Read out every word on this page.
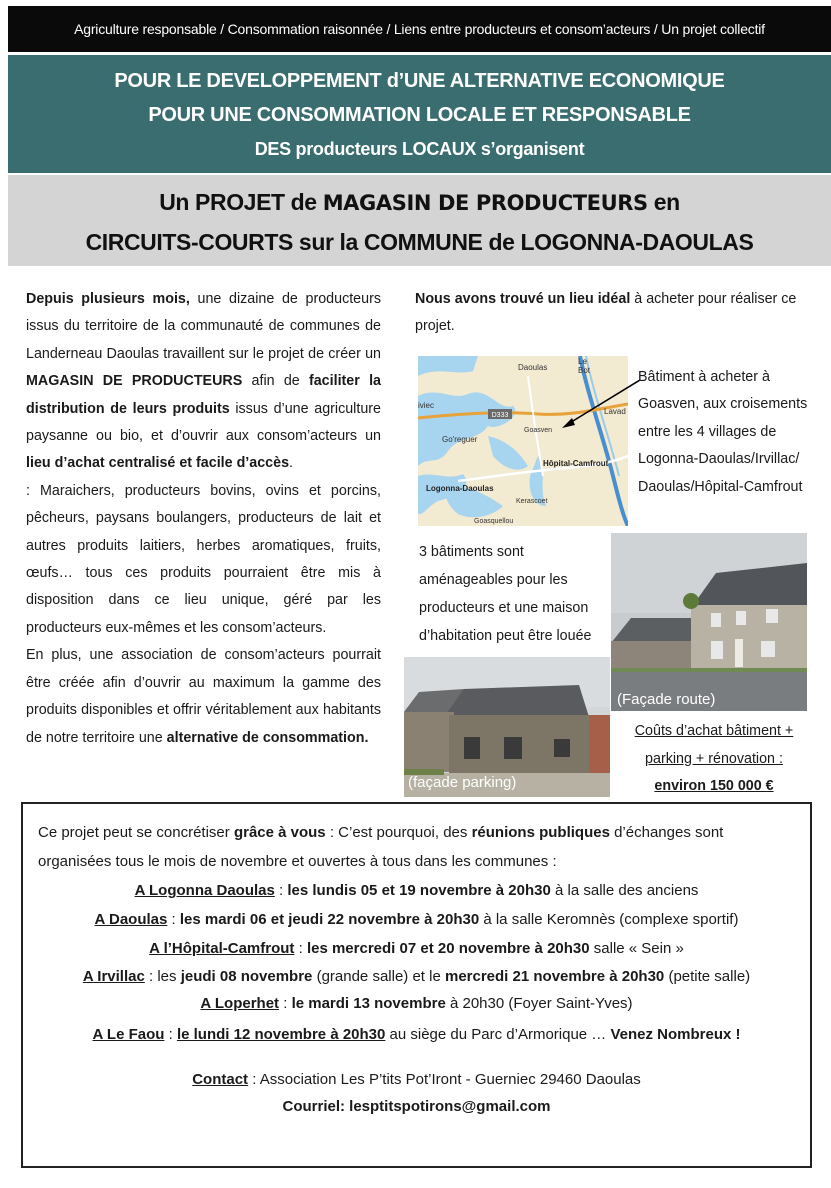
Agriculture responsable / Consommation raisonnée / Liens entre producteurs et consom’acteurs / Un projet collectif
POUR LE DEVELOPPEMENT d’UNE ALTERNATIVE ECONOMIQUE
POUR UNE CONSOMMATION LOCALE ET RESPONSABLE
DES producteurs LOCAUX s’organisent
Un PROJET de MAGASIN DE PRODUCTEURS en
CIRCUITS-COURTS sur la COMMUNE de LOGONNA-DAOULAS

Depuis plusieurs mois, une dizaine de producteurs issus du territoire de la communauté de communes de Landerneau Daoulas travaillent sur le projet de créer un MAGASIN DE PRODUCTEURS afin de faciliter la distribution de leurs produits issus d’une agriculture paysanne ou bio, et d’ouvrir aux consom’acteurs un lieu d’achat centralisé et facile d’accès.

: Maraichers, producteurs bovins, ovins et porcins, pêcheurs, paysans boulangers, producteurs de lait et autres produits laitiers, herbes aromatiques, fruits, œufs… tous ces produits pourraient être mis à disposition dans ce lieu unique, géré par les producteurs eux-mêmes et les consom’acteurs.

En plus, une association de consom’acteurs pourrait être créée afin d’ouvrir au maximum la gamme des produits disponibles et offrir véritablement aux habitants de notre territoire une alternative de consommation.

Nous avons trouvé un lieu idéal à acheter pour réaliser ce projet.
D333
Daoulas
Le
Bot
iviec
Lavad
Goasven
Go'reguer
Hôpital-Camfrout
Logonna-Daoulas
Kerascoet
Goasquellou
Bâtiment à acheter à Goasven, aux croisements entre les 4 villages de Logonna-Daoulas/Irvillac/ Daoulas/Hôpital-Camfrout
3 bâtiments sont aménageables pour les producteurs et une maison d’habitation peut être louée
(Façade route)
(façade parking)
Coûts d’achat bâtiment +
parking + rénovation :
environ 150 000 €
Ce projet peut se concrétiser grâce à vous : C’est pourquoi, des réunions publiques d’échanges sont organisées tous le mois de novembre et ouvertes à tous dans les communes :
A Logonna Daoulas : les lundis 05 et 19 novembre à 20h30 à la salle des anciens
A Daoulas : les mardi 06 et jeudi 22 novembre à 20h30 à la salle Keromnès (complexe sportif)
A l’Hôpital-Camfrout : les mercredi 07 et 20 novembre à 20h30 salle « Sein »
A Irvillac : les jeudi 08 novembre (grande salle) et le mercredi 21 novembre à 20h30 (petite salle)
A Loperhet : le mardi 13 novembre à 20h30 (Foyer Saint-Yves)
A Le Faou : le lundi 12 novembre à 20h30 au siège du Parc d’Armorique … Venez Nombreux !
Contact : Association Les P’tits Pot’Iront - Guerniec 29460 Daoulas
Courriel: lesptitspotirons@gmail.com
